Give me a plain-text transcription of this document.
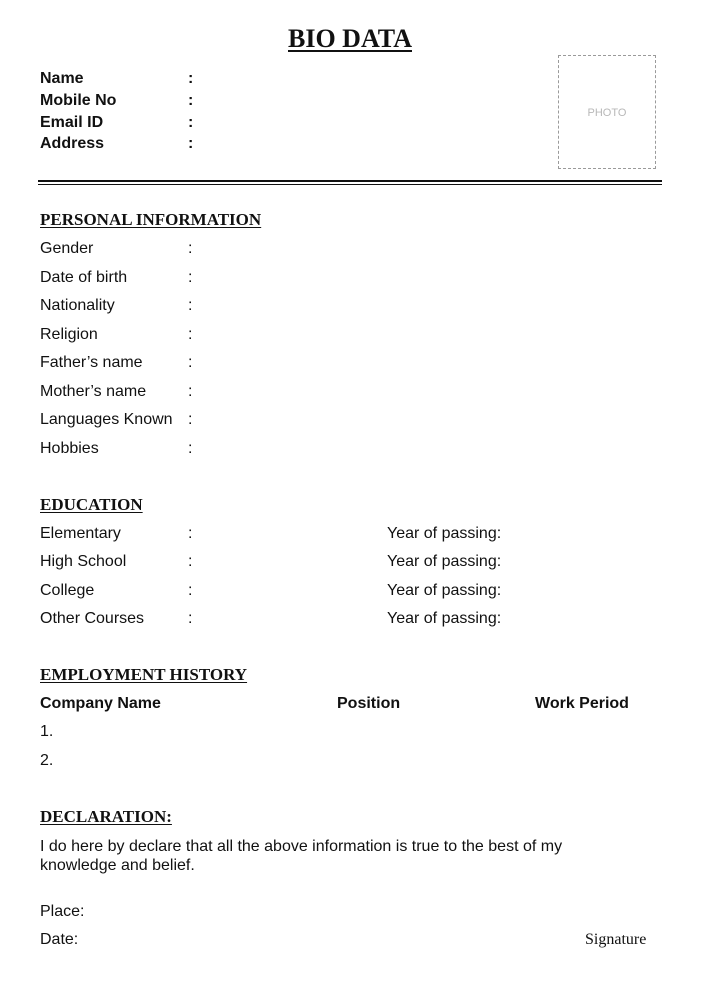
BIO DATA
Name	:
Mobile No	:
Email ID	:
Address	:
PHOTO
PERSONAL INFORMATION
Gender	:
Date of birth	:
Nationality	:
Religion	:
Father’s name	:
Mother’s name	:
Languages Known :
Hobbies	:
EDUCATION
Elementary	:	Year of passing:
High School	:	Year of passing:
College	:	Year of passing:
Other Courses	:	Year of passing:
EMPLOYMENT HISTORY
Company Name	Position	Work Period
1.
2.
DECLARATION:
I do here by declare that all the above information is true to the best of my knowledge and belief.
Place:
Date:	Signature
